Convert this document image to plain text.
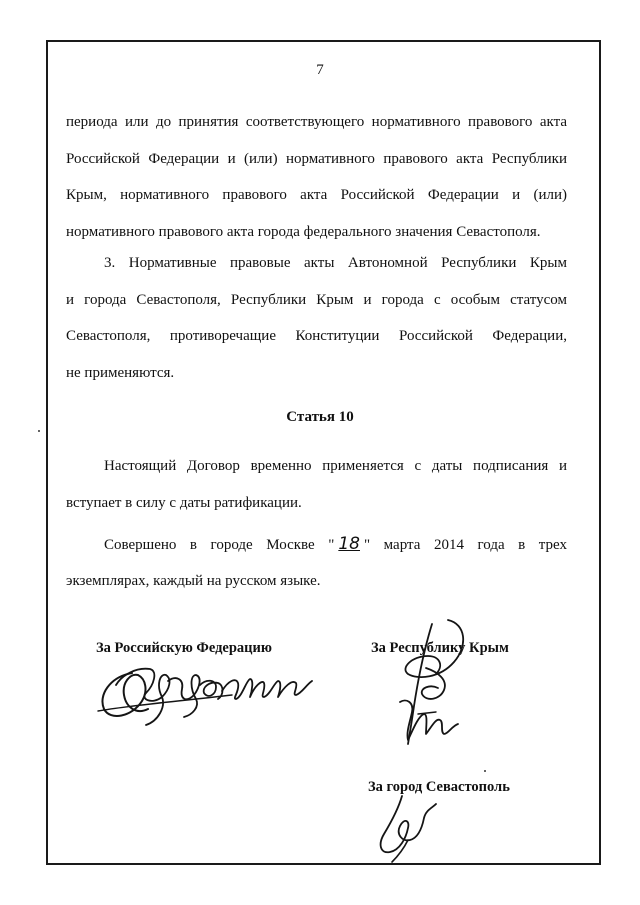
7
периода или до принятия соответствующего нормативного правового акта
Российской Федерации и (или) нормативного правового акта Республики
Крым, нормативного правового акта Российской Федерации и (или)
нормативного правового акта города федерального значения Севастополя.
3. Нормативные правовые акты Автономной Республики Крым
и города Севастополя, Республики Крым и города с особым статусом
Севастополя, противоречащие Конституции Российской Федерации,
не применяются.
Статья 10
Настоящий Договор временно применяется с даты подписания и
вступает в силу с даты ратификации.
Совершено в городе Москве " 18 " марта 2014 года в трех
экземплярах, каждый на русском языке.
За Российскую Федерацию	За Республику Крым
За город Севастополь
